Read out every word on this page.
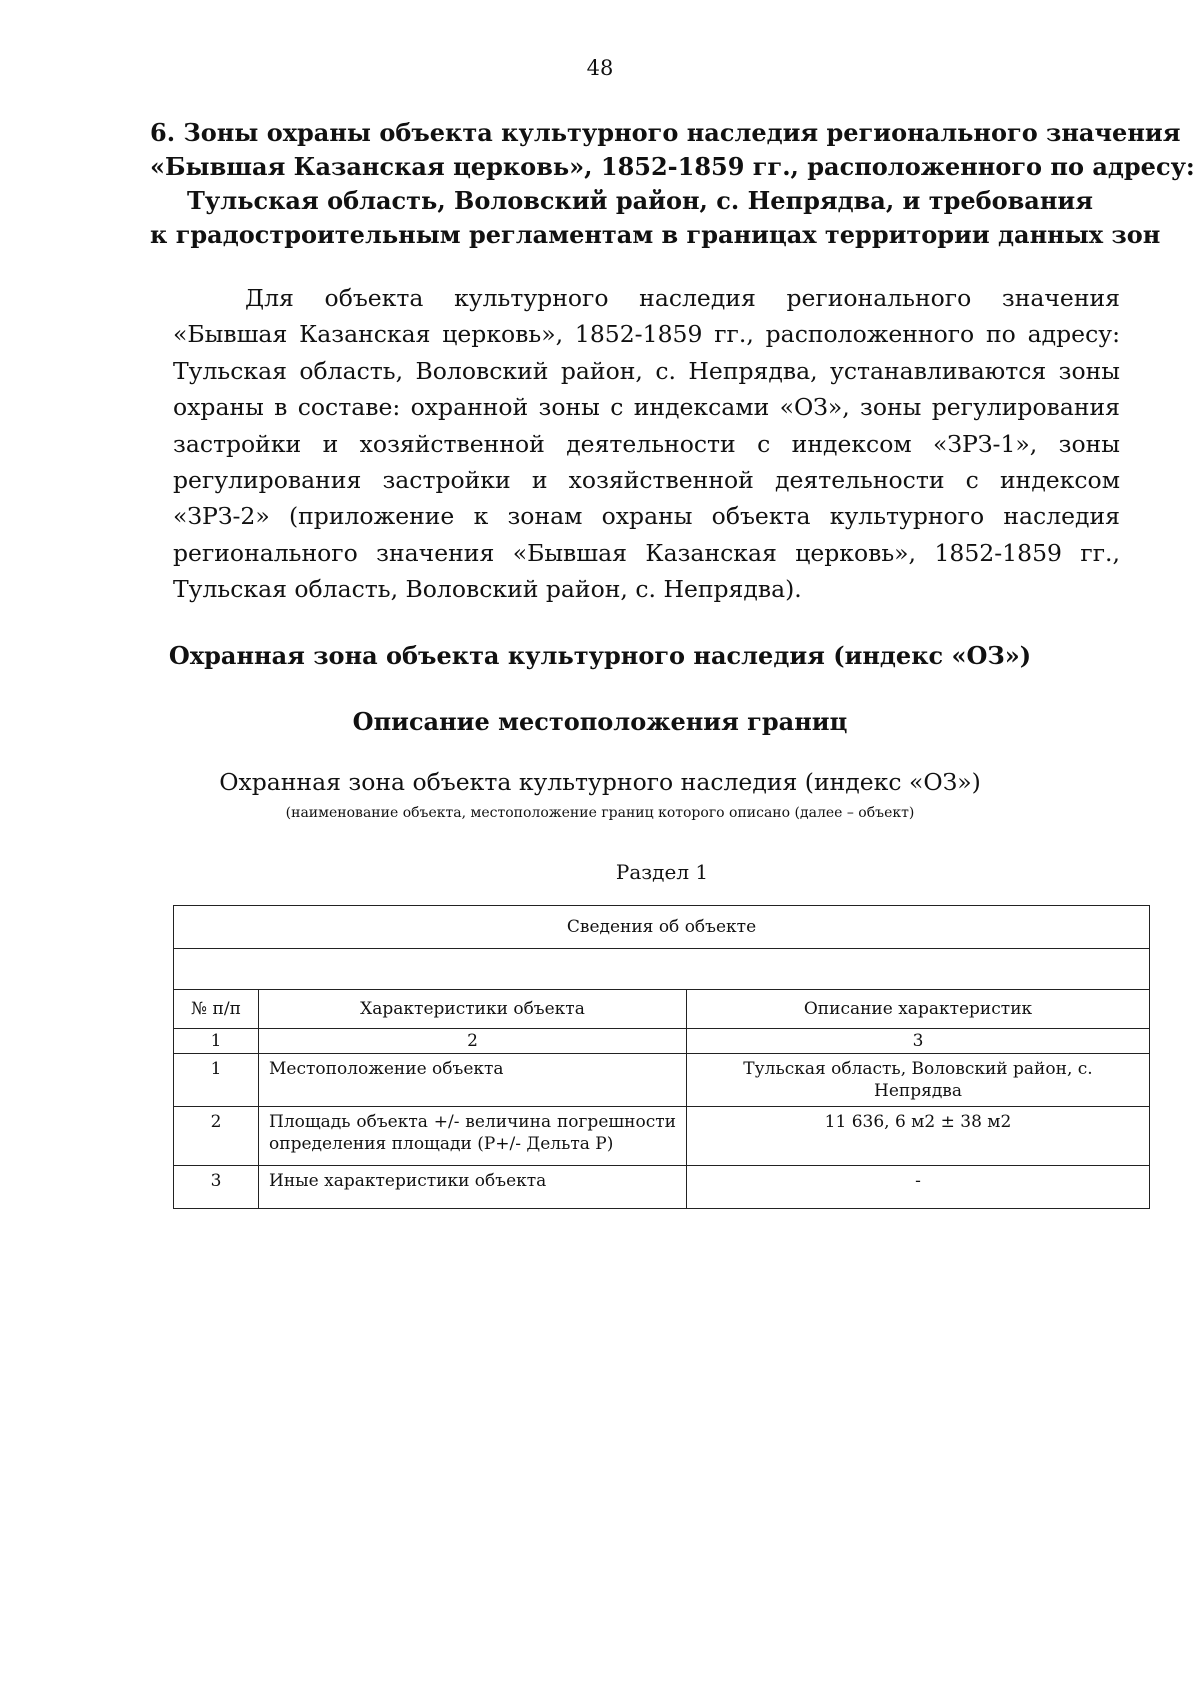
48
6. Зоны охраны объекта культурного наследия регионального значения
«Бывшая Казанская церковь», 1852-1859 гг., расположенного по адресу:
Тульская область, Воловский район, с. Непрядва, и требования
к градостроительным регламентам в границах территории данных зон

Для объекта культурного наследия регионального значения «Бывшая Казанская церковь», 1852-1859 гг., расположенного по адресу: Тульская область, Воловский район, с. Непрядва, устанавливаются зоны охраны в составе: охранной зоны с индексами «ОЗ», зоны регулирования застройки и хозяйственной деятельности с индексом «ЗРЗ-1», зоны регулирования застройки и хозяйственной деятельности с индексом «ЗРЗ-2» (приложение к зонам охраны объекта культурного наследия регионального значения «Бывшая Казанская церковь», 1852-1859 гг., Тульская область, Воловский район, с. Непрядва).

Охранная зона объекта культурного наследия (индекс «ОЗ»)
Описание местоположения границ
Охранная зона объекта культурного наследия (индекс «ОЗ»)
(наименование объекта, местоположение границ которого описано (далее – объект)
Раздел 1
Сведения об объекте		

№ п/п	Характеристики объекта	Описание характеристик
1	2	3
1	Местоположение объекта	Тульская область, Воловский район, с. Непрядва
2	Площадь объекта +/- величина погрешности определения площади (Р+/- Дельта Р)	11 636, 6 м2 ± 38 м2
3	Иные характеристики объекта	-
